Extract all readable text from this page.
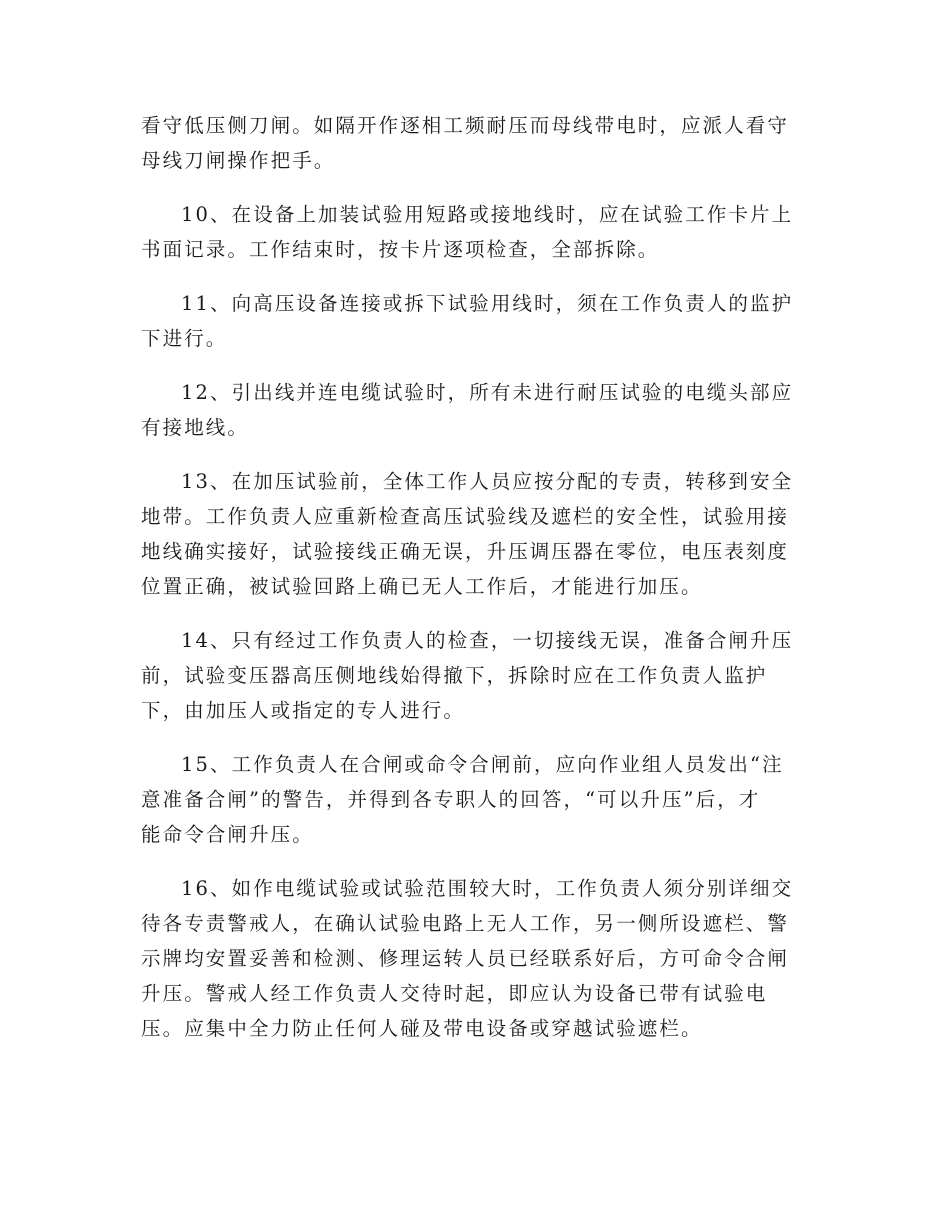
看守低压侧刀闸。如隔开作逐相工频耐压而母线带电时，应派人看守
母线刀闸操作把手。

10、在设备上加装试验用短路或接地线时，应在试验工作卡片上
书面记录。工作结束时，按卡片逐项检查，全部拆除。

11、向高压设备连接或拆下试验用线时，须在工作负责人的监护
下进行。

12、引出线并连电缆试验时，所有未进行耐压试验的电缆头部应
有接地线。

13、在加压试验前，全体工作人员应按分配的专责，转移到安全
地带。工作负责人应重新检查高压试验线及遮栏的安全性，试验用接
地线确实接好，试验接线正确无误，升压调压器在零位，电压表刻度
位置正确，被试验回路上确已无人工作后，才能进行加压。

14、只有经过工作负责人的检查，一切接线无误，准备合闸升压
前，试验变压器高压侧地线始得撤下，拆除时应在工作负责人监护
下，由加压人或指定的专人进行。

15、工作负责人在合闸或命令合闸前，应向作业组人员发出“注
意准备合闸”的警告，并得到各专职人的回答，“可以升压”后，才
能命令合闸升压。

16、如作电缆试验或试验范围较大时，工作负责人须分别详细交
待各专责警戒人，在确认试验电路上无人工作，另一侧所设遮栏、警
示牌均安置妥善和检测、修理运转人员已经联系好后，方可命令合闸
升压。警戒人经工作负责人交待时起，即应认为设备已带有试验电
压。应集中全力防止任何人碰及带电设备或穿越试验遮栏。
